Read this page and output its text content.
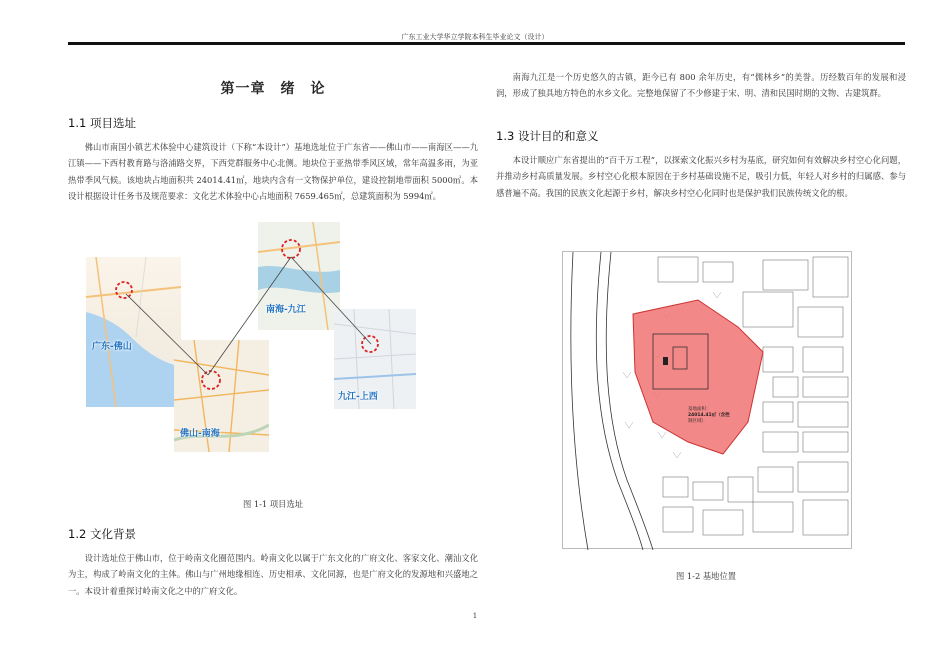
广东工业大学华立学院本科生毕业论文（设计）
第一章　绪　论
1.1 项目选址
佛山市南国小镇艺术体验中心建筑设计（下称“本设计”）基地选址位于广东省——佛山市——南海区——九江镇——下西村教育路与洛浦路交界，下西党群服务中心北侧。地块位于亚热带季风区域，常年高温多雨，为亚热带季风气候。该地块占地面积共 24014.41㎡，地块内含有一文物保护单位，建设控制地带面积 5000㎡。本设计根据设计任务书及规范要求：文化艺术体验中心占地面积 7659.465㎡，总建筑面积为 5994㎡。
广东-佛山
佛山-南海
南海-九江
九江-上西
图 1-1 项目选址
1.2 文化背景
设计选址位于佛山市，位于岭南文化圈范围内。岭南文化以属于广东文化的广府文化、客家文化、潮汕文化为主，构成了岭南文化的主体。佛山与广州地缘相连、历史相承、文化同源，也是广府文化的发源地和兴盛地之一。本设计着重探讨岭南文化之中的广府文化。
南海九江是一个历史悠久的古镇，距今已有 800 余年历史，有“儒林乡”的美誉。历经数百年的发展和浸润，形成了独具地方特色的水乡文化。完整地保留了不少修建于宋、明、清和民国时期的文物、古建筑群。
1.3 设计目的和意义
本设计顺应广东省提出的“百千万工程”，以探索文化振兴乡村为基底，研究如何有效解决乡村空心化问题，并推动乡村高质量发展。乡村空心化根本原因在于乡村基础设施不足，吸引力低，年轻人对乡村的归属感、参与感普遍不高。我国的民族文化起源于乡村，解决乡村空心化同时也是保护我们民族传统文化的根。
基地面积：
24014.41㎡（含控
制区域）
图 1-2 基地位置
1
